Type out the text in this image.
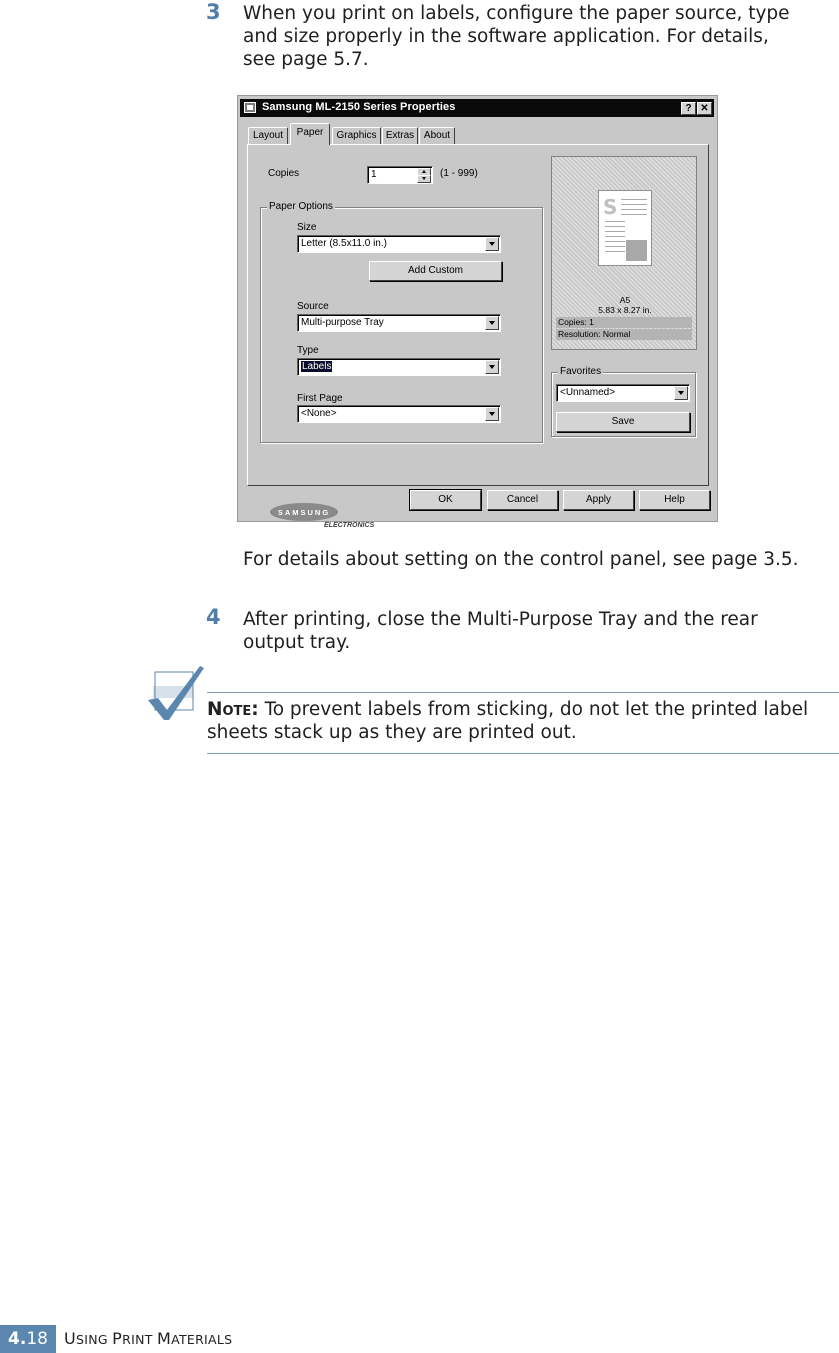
3 When you print on labels, configure the paper source, type
and size properly in the software application. For details,
see page 5.7.
Samsung ML-2150 Series Properties	? ✕
Layout	Paper	Graphics Extras About
Copies	1	(1 - 999)
Paper Options
Size
Letter (8.5x11.0 in.)
Add Custom
Source
Multi-purpose Tray
Type
Labels
First Page
<None>
S
A5
5.83 x 8.27 in.
Copies: 1
Resolution: Normal
Favorites
<Unnamed>
Save
SAMSUNG
ELECTRONICS
OK	Cancel	Apply	Help
For details about setting on the control panel, see page 3.5.
4 After printing, close the Multi-Purpose Tray and the rear
output tray.
Note: To prevent labels from sticking, do not let the printed label
sheets stack up as they are printed out.
4.18	USING PRINT MATERIALS
